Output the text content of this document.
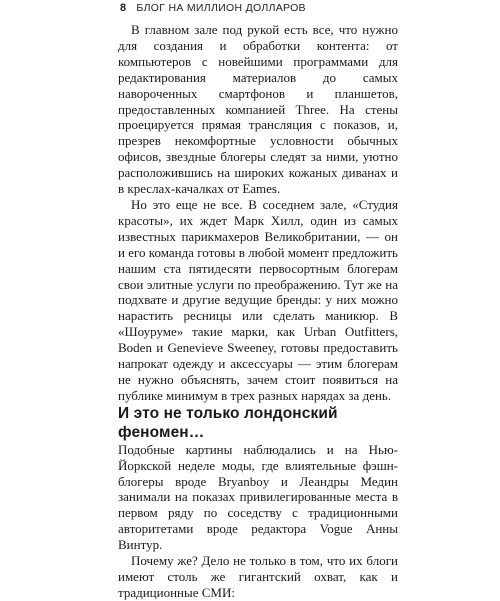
8 БЛОГ НА МИЛЛИОН ДОЛЛАРОВ

В главном зале под рукой есть все, что нужно для создания и обработки контента: от компьютеров с новейшими программами для редактирования материалов до самых навороченных смартфонов и планшетов, предоставленных компанией Three. На стены проецируется прямая трансляция с показов, и, презрев некомфортные условности обычных офисов, звездные блогеры следят за ними, уютно расположившись на широких кожаных диванах и в креслах-качалках от Eames.

Но это еще не все. В соседнем зале, «Студия красоты», их ждет Марк Хилл, один из самых известных парикмахеров Великобритании, — он и его команда готовы в любой момент предложить нашим ста пятидесяти первосортным блогерам свои элитные услуги по преображению. Тут же на подхвате и другие ведущие бренды: у них можно нарастить ресницы или сделать маникюр. В «Шоуруме» такие марки, как Urban Outfitters, Boden и Genevieve Sweeney, готовы предоставить напрокат одежду и аксессуары — этим блогерам не нужно объяснять, зачем стоит появиться на публике минимум в трех разных нарядах за день.

И это не только лондонский феномен…

Подобные картины наблюдались и на Нью-Йоркской неделе моды, где влиятельные фэшн-блогеры вроде Bryanboy и Леандры Медин занимали на показах привилегированные места в первом ряду по соседству с традиционными авторитетами вроде редактора Vogue Анны Винтур.

Почему же? Дело не только в том, что их блоги имеют столь же гигантский охват, как и традиционные СМИ:
